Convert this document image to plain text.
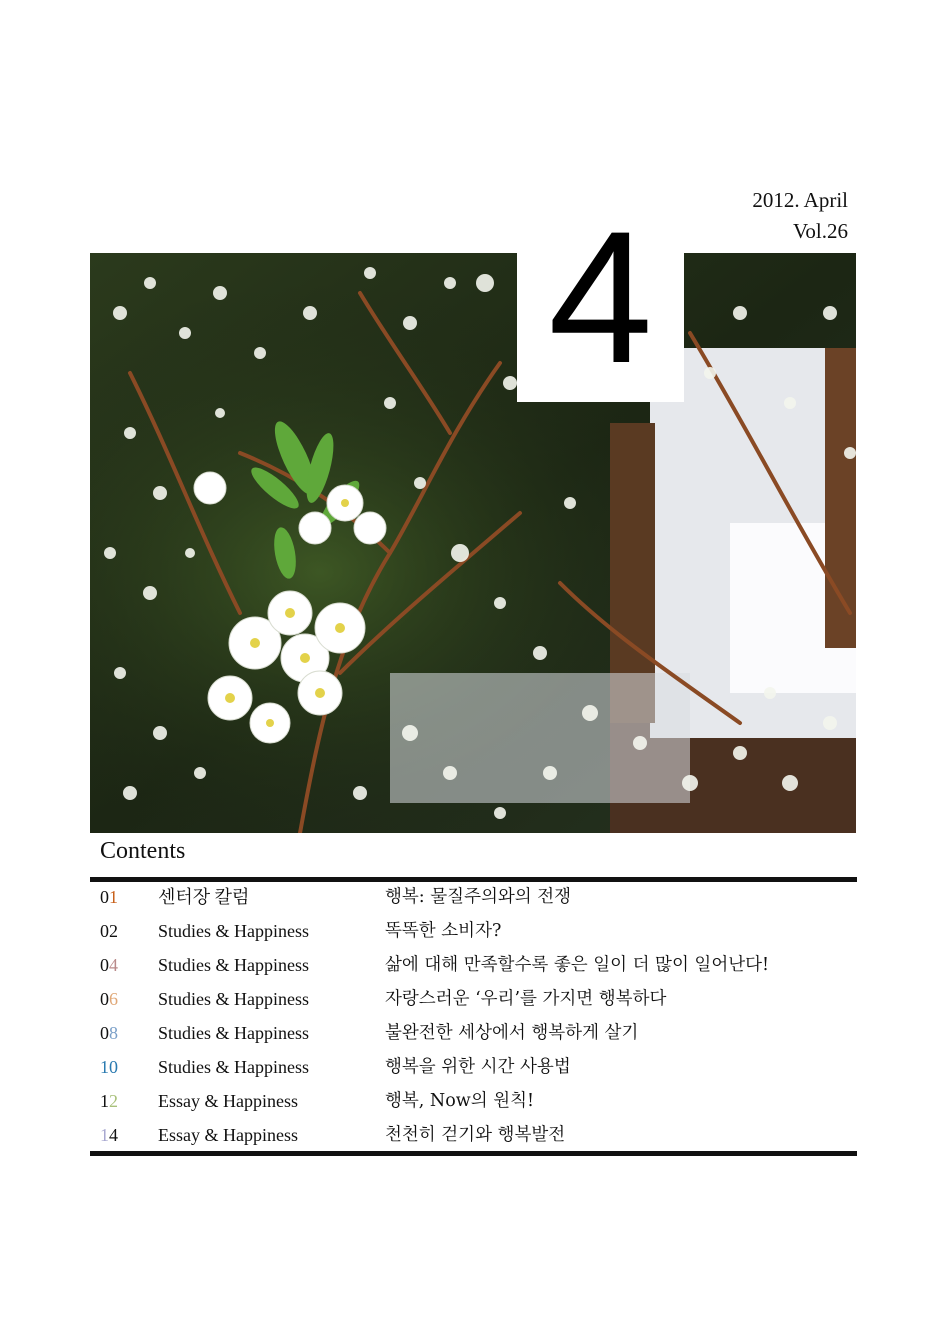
2012. April
Vol.26
4
Contents
01	센터장 칼럼	행복: 물질주의와의 전쟁
02	Studies & Happiness	똑똑한 소비자?
04	Studies & Happiness	삶에 대해 만족할수록 좋은 일이 더 많이 일어난다!
06	Studies & Happiness	자랑스러운 ‘우리’를 가지면 행복하다
08	Studies & Happiness	불완전한 세상에서 행복하게 살기
10	Studies & Happiness	행복을 위한 시간 사용법
12	Essay & Happiness	행복, Now의 원칙!
14	Essay & Happiness	천천히 걷기와 행복발전
